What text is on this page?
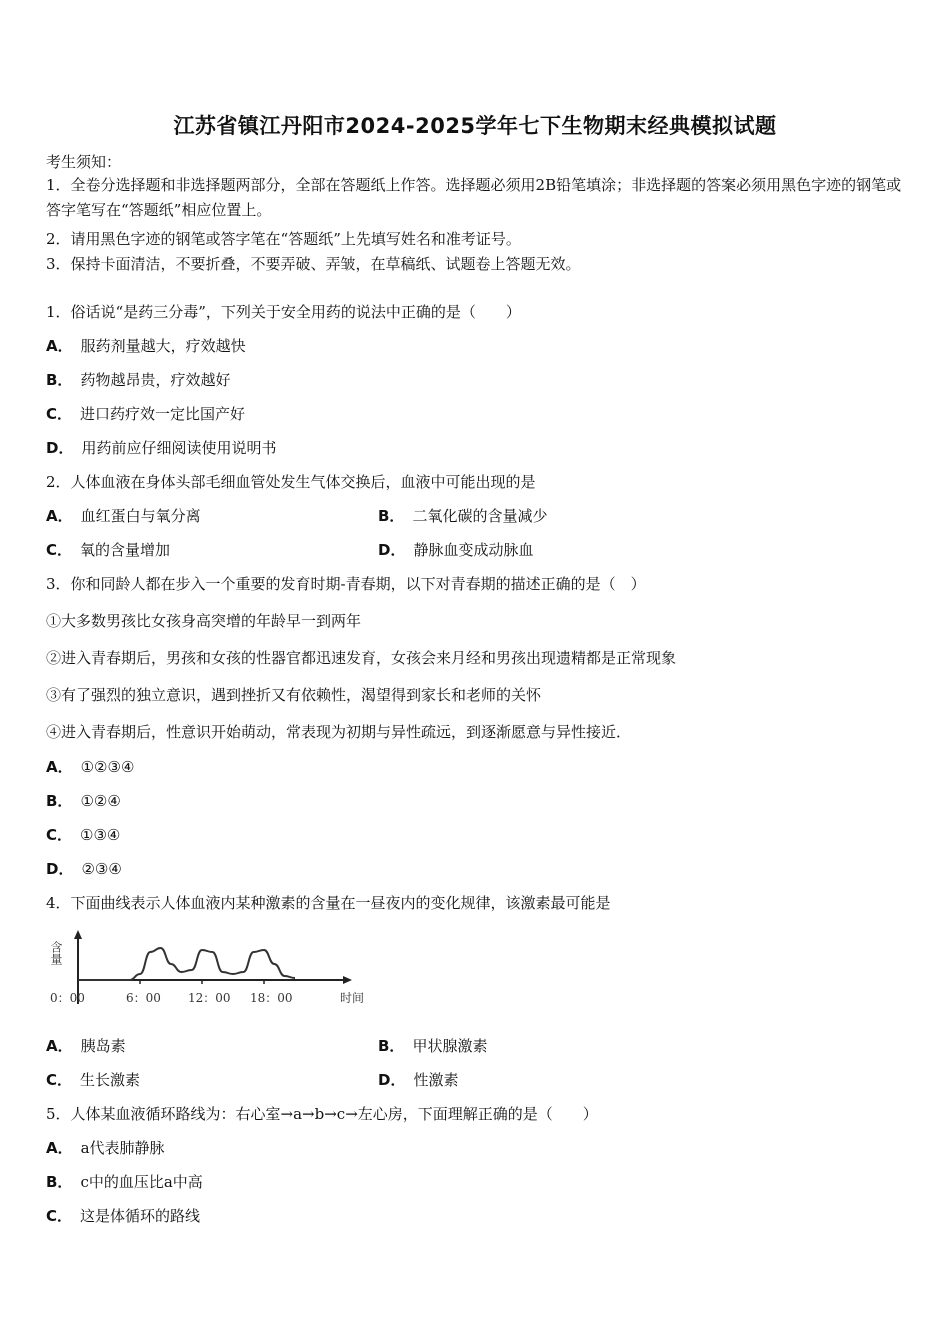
江苏省镇江丹阳市2024-2025学年七下生物期末经典模拟试题
考生须知：
1．全卷分选择题和非选择题两部分，全部在答题纸上作答。选择题必须用2B铅笔填涂；非选择题的答案必须用黑色字迹的钢笔或答字笔写在“答题纸”相应位置上。
2．请用黑色字迹的钢笔或答字笔在“答题纸”上先填写姓名和准考证号。
3．保持卡面清洁，不要折叠，不要弄破、弄皱，在草稿纸、试题卷上答题无效。
1．俗话说“是药三分毒”，下列关于安全用药的说法中正确的是（　　）
A． 服药剂量越大，疗效越快
B． 药物越昂贵，疗效越好
C． 进口药疗效一定比国产好
D． 用药前应仔细阅读使用说明书
2．人体血液在身体头部毛细血管处发生气体交换后，血液中可能出现的是
A． 血红蛋白与氧分离	B． 二氧化碳的含量减少
C． 氧的含量增加	D． 静脉血变成动脉血
3．你和同龄人都在步入一个重要的发育时期-青春期，以下对青春期的描述正确的是（　）
①大多数男孩比女孩身高突增的年龄早一到两年
②进入青春期后，男孩和女孩的性器官都迅速发育，女孩会来月经和男孩出现遗精都是正常现象
③有了强烈的独立意识，遇到挫折又有依赖性，渴望得到家长和老师的关怀
④进入青春期后，性意识开始萌动，常表现为初期与异性疏远，到逐渐愿意与异性接近．
A． ①②③④
B． ①②④
C． ①③④
D． ②③④
4．下面曲线表示人体血液内某种激素的含量在一昼夜内的变化规律，该激素最可能是
含量
0：00	6：00 12：00 18：00	时间
A． 胰岛素	B． 甲状腺激素
C． 生长激素	D． 性激素
5．人体某血液循环路线为：右心室→a→b→c→左心房，下面理解正确的是（　　）
A． a代表肺静脉
B． c中的血压比a中高
C． 这是体循环的路线
